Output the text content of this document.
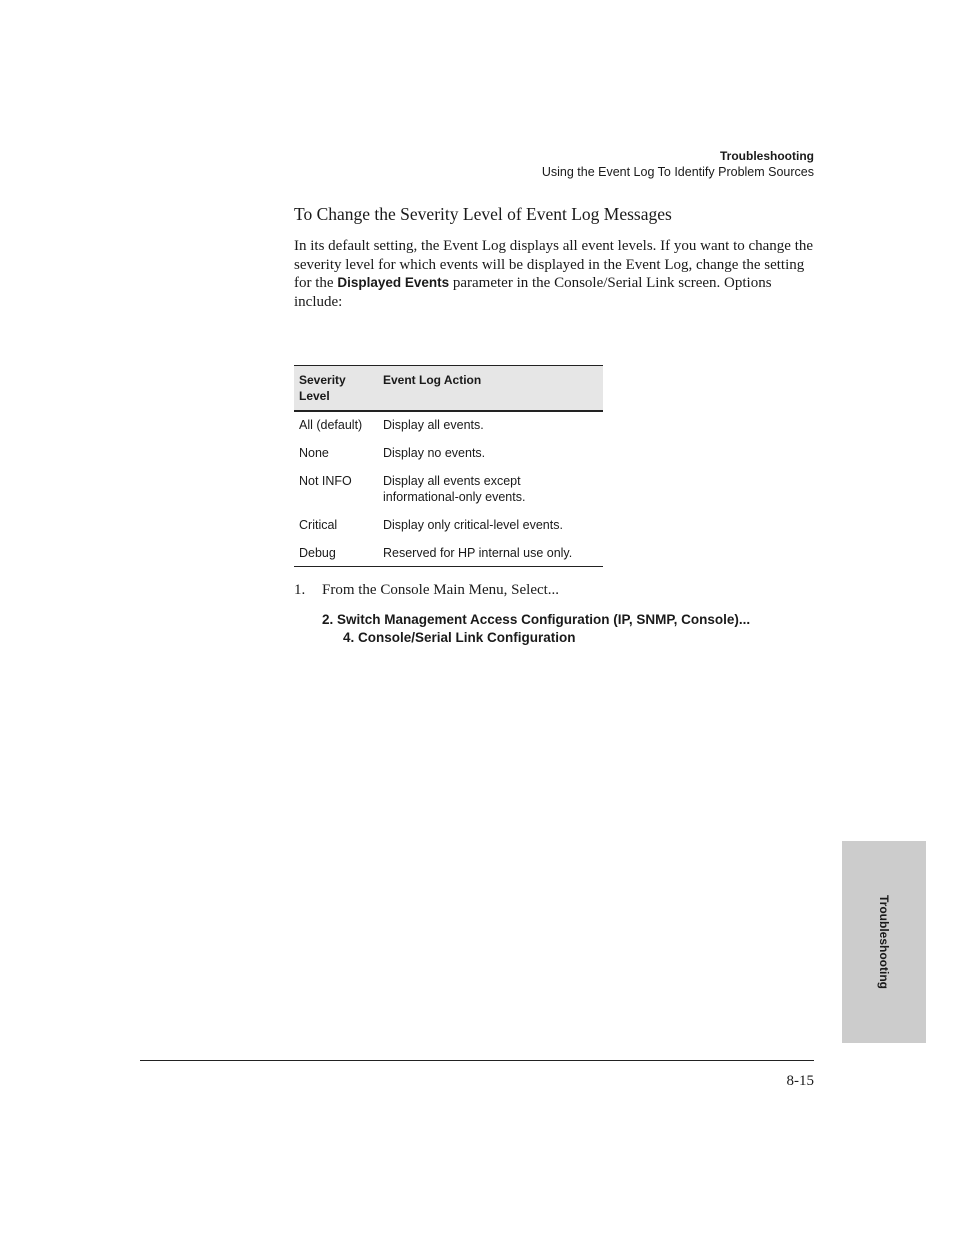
Troubleshooting
Using the Event Log To Identify Problem Sources
To Change the Severity Level of Event Log Messages

In its default setting, the Event Log displays all event levels. If you want to change the severity level for which events will be displayed in the Event Log, change the setting for the Displayed Events parameter in the Console/Serial Link screen. Options include:

Severity Level	Event Log Action
All (default)	Display all events.
None	Display no events.
Not INFO	Display all events except informational-only events.
Critical	Display only critical-level events.
Debug	Reserved for HP internal use only.
1. From the Console Main Menu, Select...
2. Switch Management Access Configuration (IP, SNMP, Console)...
4. Console/Serial Link Configuration
Troubleshooting
8-15
